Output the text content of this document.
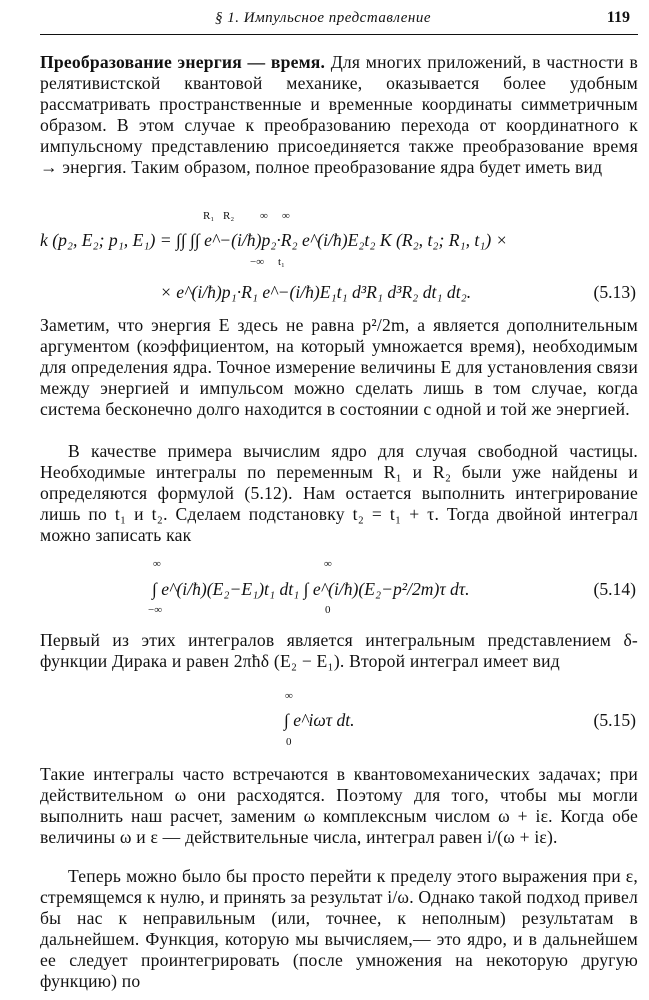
§ 1. Импульсное представление	119
Преобразование энергия — время. Для многих приложений, в частности в релятивистской квантовой механике, оказывается более удобным рассматривать пространственные и временные координаты симметричным образом. В этом случае к преобразованию перехода от координатного к импульсному представлению присоединяется также преобразование время → энергия. Таким образом, полное преобразование ядра будет иметь вид
R₁ R₂ ∞ ∞
−∞ t₁
k (p₂, E₂; p₁, E₁) = ∫∫ ∫∫ e^−(i/ħ)p₂·R₂ e^(i/ħ)E₂t₂ K (R₂, t₂; R₁, t₁) ×
× e^(i/ħ)p₁·R₁ e^−(i/ħ)E₁t₁ d³R₁ d³R₂ dt₁ dt₂.	(5.13)
Заметим, что энергия E здесь не равна p²/2m, а является дополнительным аргументом (коэффициентом, на который умножается время), необходимым для определения ядра. Точное измерение величины E для установления связи между энергией и импульсом можно сделать лишь в том случае, когда система бесконечно долго находится в состоянии с одной и той же энергией.
В качестве примера вычислим ядро для случая свободной частицы. Необходимые интегралы по переменным R₁ и R₂ были уже найдены и определяются формулой (5.12). Нам остается выполнить интегрирование лишь по t₁ и t₂. Сделаем подстановку t₂ = t₁ + τ. Тогда двойной интеграл можно записать как
∞
−∞
∞
0
∫ e^(i/ħ)(E₂−E₁)t₁ dt₁ ∫ e^(i/ħ)(E₂−p²/2m)τ dτ.	(5.14)
Первый из этих интегралов является интегральным представлением δ-функции Дирака и равен 2πħδ (E₂ − E₁). Второй интеграл имеет вид
∞
0
∫ e^iωτ dt.	(5.15)
Такие интегралы часто встречаются в квантовомеханических задачах; при действительном ω они расходятся. Поэтому для того, чтобы мы могли выполнить наш расчет, заменим ω комплексным числом ω + iε. Когда обе величины ω и ε — действительные числа, интеграл равен i/(ω + iε).
Теперь можно было бы просто перейти к пределу этого выражения при ε, стремящемся к нулю, и принять за результат i/ω. Однако такой подход привел бы нас к неправильным (или, точнее, к неполным) результатам в дальнейшем. Функция, которую мы вычисляем,— это ядро, и в дальнейшем ее следует проинтегрировать (после умножения на некоторую другую функцию) по
